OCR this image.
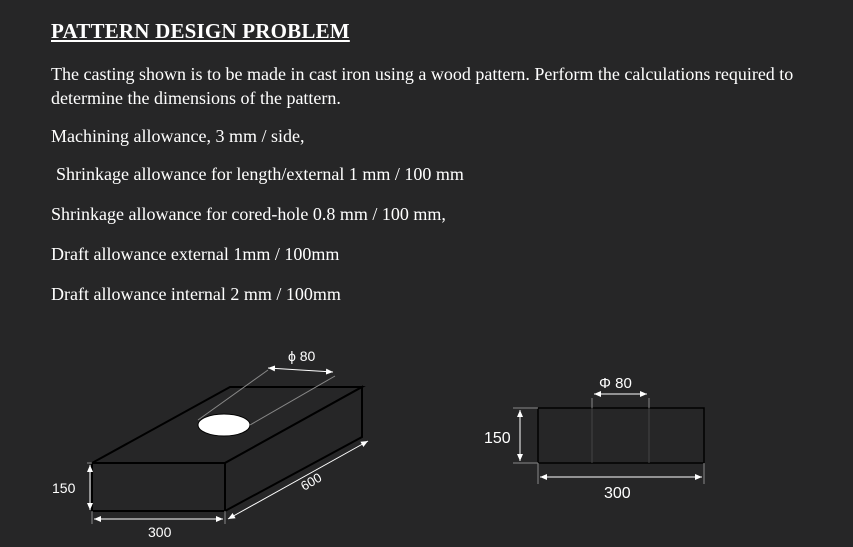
PATTERN DESIGN PROBLEM
The casting shown is to be made in cast iron using a wood pattern. Perform the calculations required to determine the dimensions of the pattern.
Machining allowance, 3 mm / side,
Shrinkage allowance for length/external 1 mm / 100 mm
Shrinkage allowance for cored-hole 0.8 mm / 100 mm,
Draft allowance external 1mm / 100mm
Draft allowance internal 2 mm / 100mm
ϕ 80
150
300
600
Φ 80
150
300
